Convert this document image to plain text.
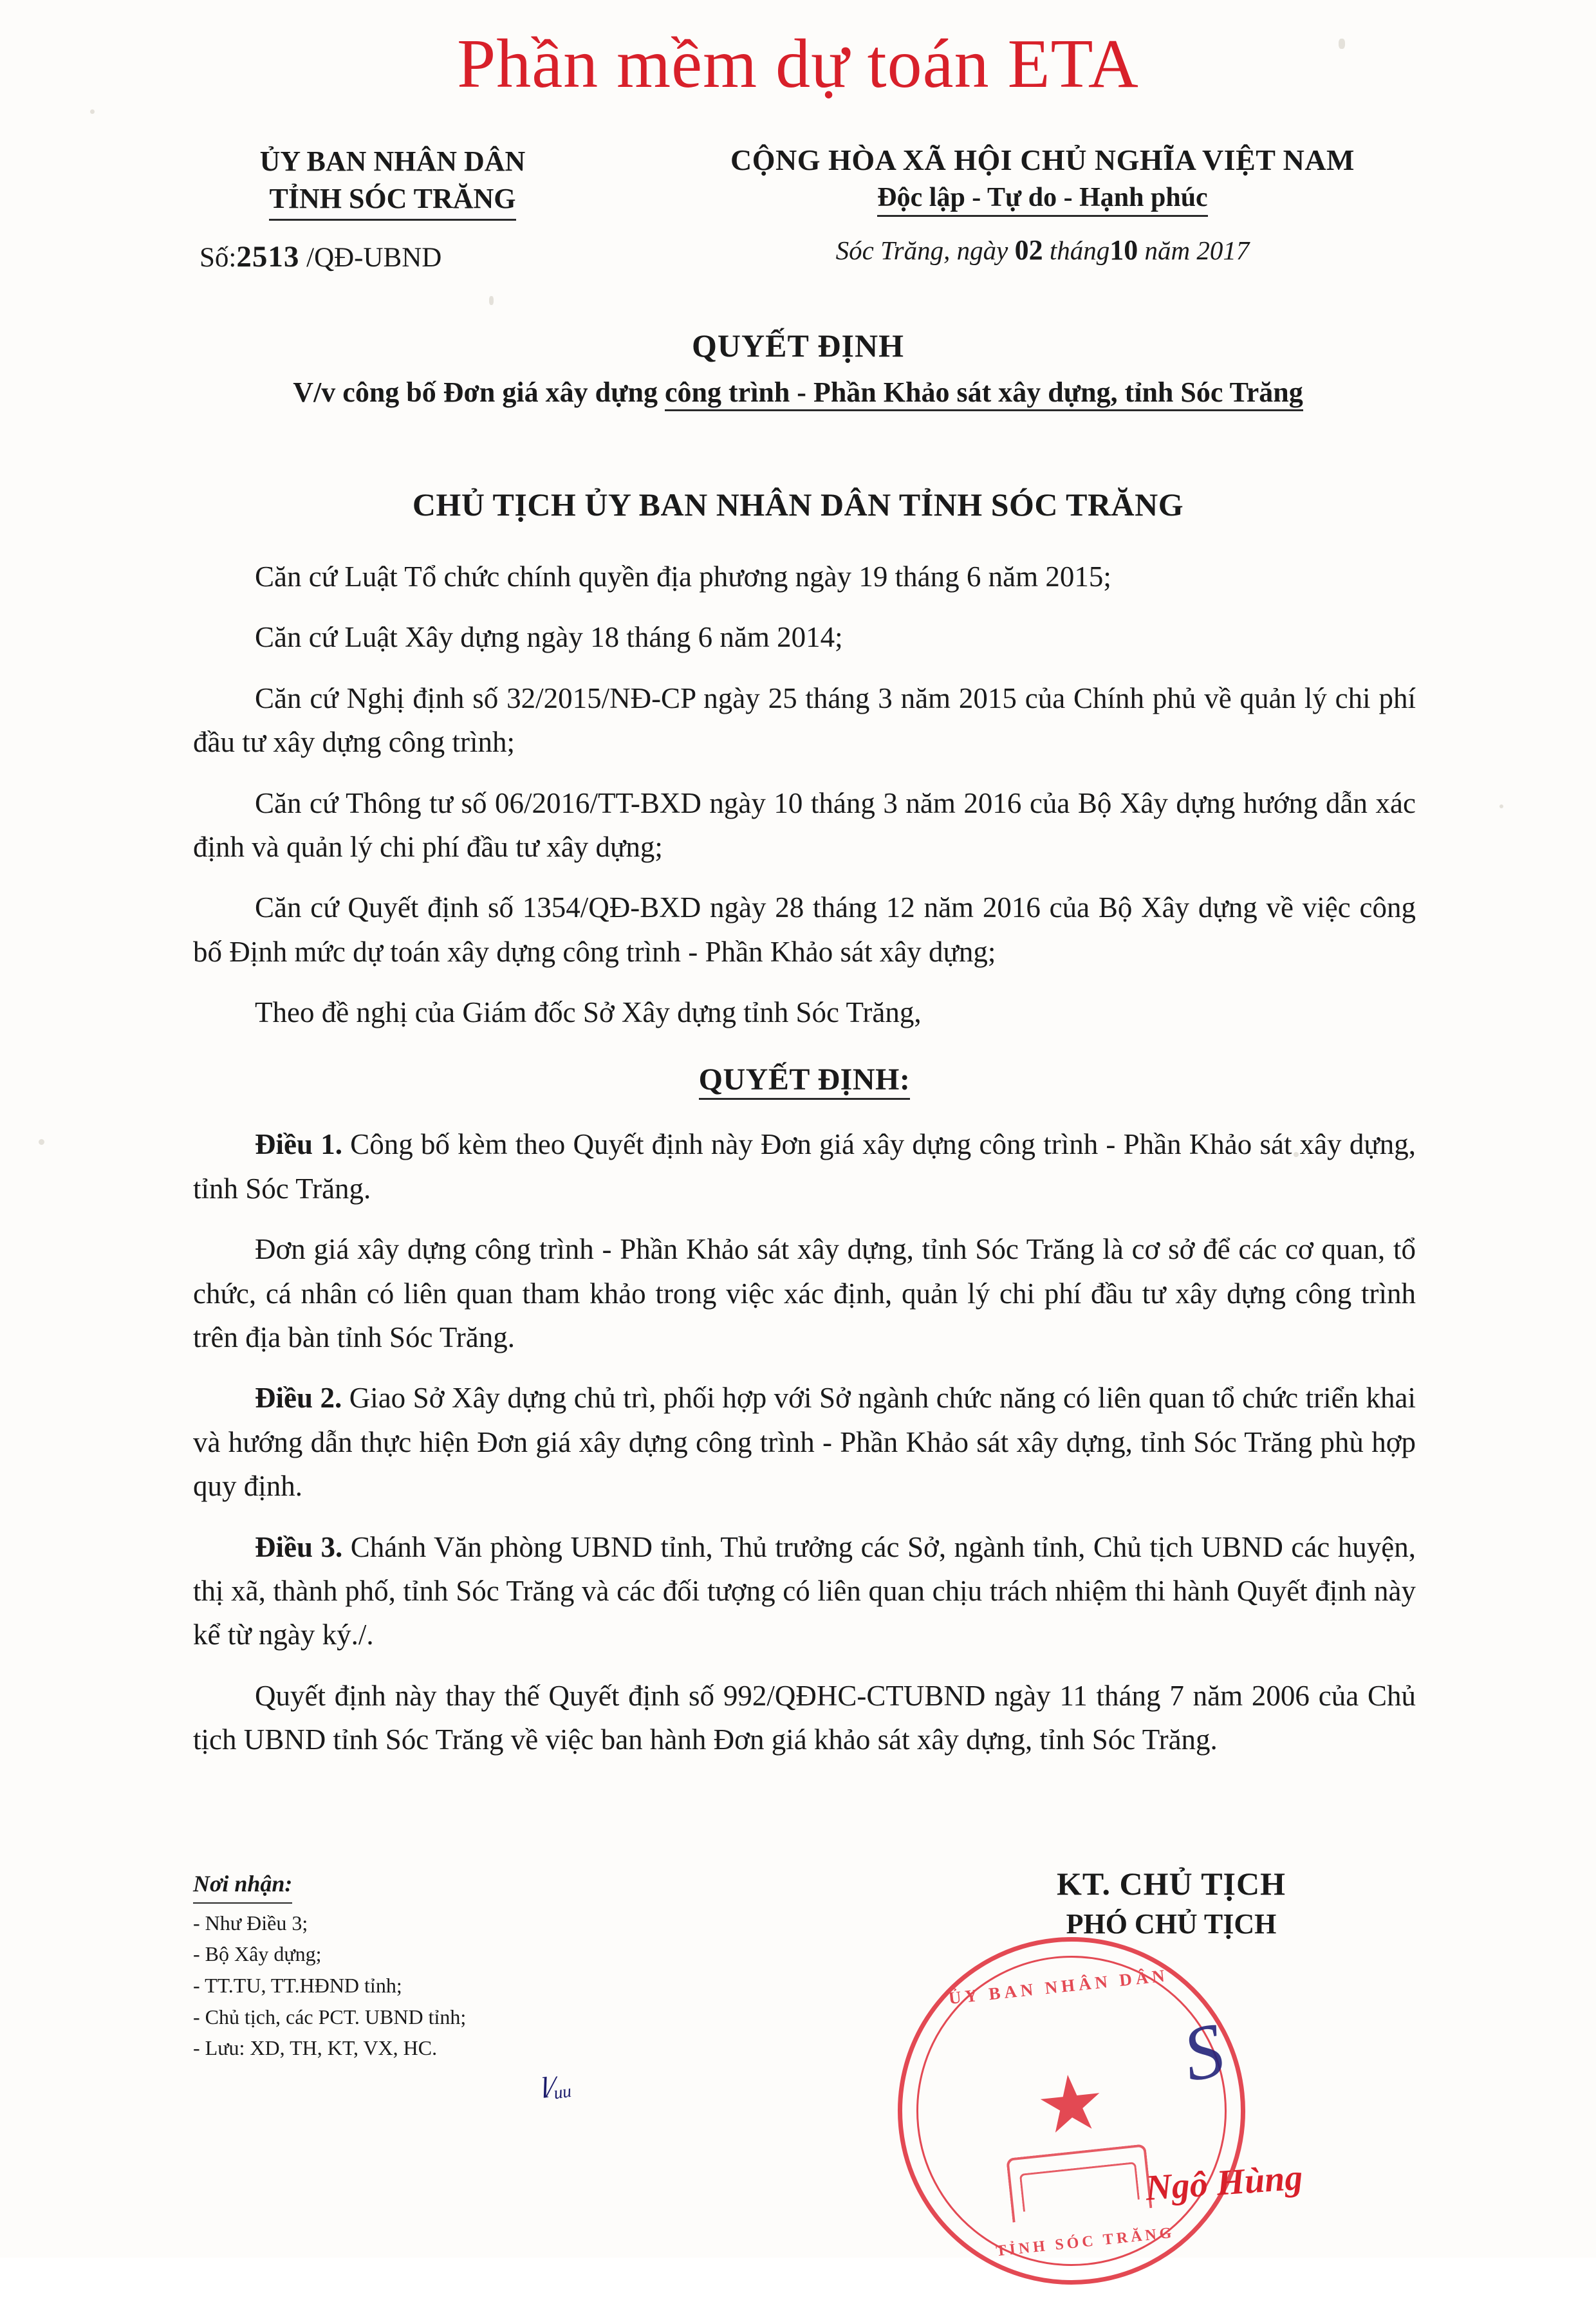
Phần mềm dự toán ETA
ỦY BAN NHÂN DÂN
TỈNH SÓC TRĂNG
Số:2513 /QĐ-UBND
CỘNG HÒA XÃ HỘI CHỦ NGHĨA VIỆT NAM
Độc lập - Tự do - Hạnh phúc
Sóc Trăng, ngày 02 tháng10 năm 2017
QUYẾT ĐỊNH
V/v công bố Đơn giá xây dựng công trình - Phần Khảo sát xây dựng, tỉnh Sóc Trăng
CHỦ TỊCH ỦY BAN NHÂN DÂN TỈNH SÓC TRĂNG

Căn cứ Luật Tổ chức chính quyền địa phương ngày 19 tháng 6 năm 2015;

Căn cứ Luật Xây dựng ngày 18 tháng 6 năm 2014;

Căn cứ Nghị định số 32/2015/NĐ-CP ngày 25 tháng 3 năm 2015 của Chính phủ về quản lý chi phí đầu tư xây dựng công trình;

Căn cứ Thông tư số 06/2016/TT-BXD ngày 10 tháng 3 năm 2016 của Bộ Xây dựng hướng dẫn xác định và quản lý chi phí đầu tư xây dựng;

Căn cứ Quyết định số 1354/QĐ-BXD ngày 28 tháng 12 năm 2016 của Bộ Xây dựng về việc công bố Định mức dự toán xây dựng công trình - Phần Khảo sát xây dựng;

Theo đề nghị của Giám đốc Sở Xây dựng tỉnh Sóc Trăng,

QUYẾT ĐỊNH:

Điều 1. Công bố kèm theo Quyết định này Đơn giá xây dựng công trình - Phần Khảo sát xây dựng, tỉnh Sóc Trăng.

Đơn giá xây dựng công trình - Phần Khảo sát xây dựng, tỉnh Sóc Trăng là cơ sở để các cơ quan, tổ chức, cá nhân có liên quan tham khảo trong việc xác định, quản lý chi phí đầu tư xây dựng công trình trên địa bàn tỉnh Sóc Trăng.

Điều 2. Giao Sở Xây dựng chủ trì, phối hợp với Sở ngành chức năng có liên quan tổ chức triển khai và hướng dẫn thực hiện Đơn giá xây dựng công trình - Phần Khảo sát xây dựng, tỉnh Sóc Trăng phù hợp quy định.

Điều 3. Chánh Văn phòng UBND tỉnh, Thủ trưởng các Sở, ngành tỉnh, Chủ tịch UBND các huyện, thị xã, thành phố, tỉnh Sóc Trăng và các đối tượng có liên quan chịu trách nhiệm thi hành Quyết định này kể từ ngày ký./.

Quyết định này thay thế Quyết định số 992/QĐHC-CTUBND ngày 11 tháng 7 năm 2006 của Chủ tịch UBND tỉnh Sóc Trăng về việc ban hành Đơn giá khảo sát xây dựng, tỉnh Sóc Trăng.

Nơi nhận:
- Như Điều 3;
- Bộ Xây dựng;
- TT.TU, TT.HĐND tỉnh;
- Chủ tịch, các PCT. UBND tỉnh;
- Lưu: XD, TH, KT, VX, HC.
l⁄ᵤᵤ
KT. CHỦ TỊCH
PHÓ CHỦ TỊCH
ỦY BAN NHÂN DÂN
★
TỈNH SÓC TRĂNG
S
Ngô Hùng
